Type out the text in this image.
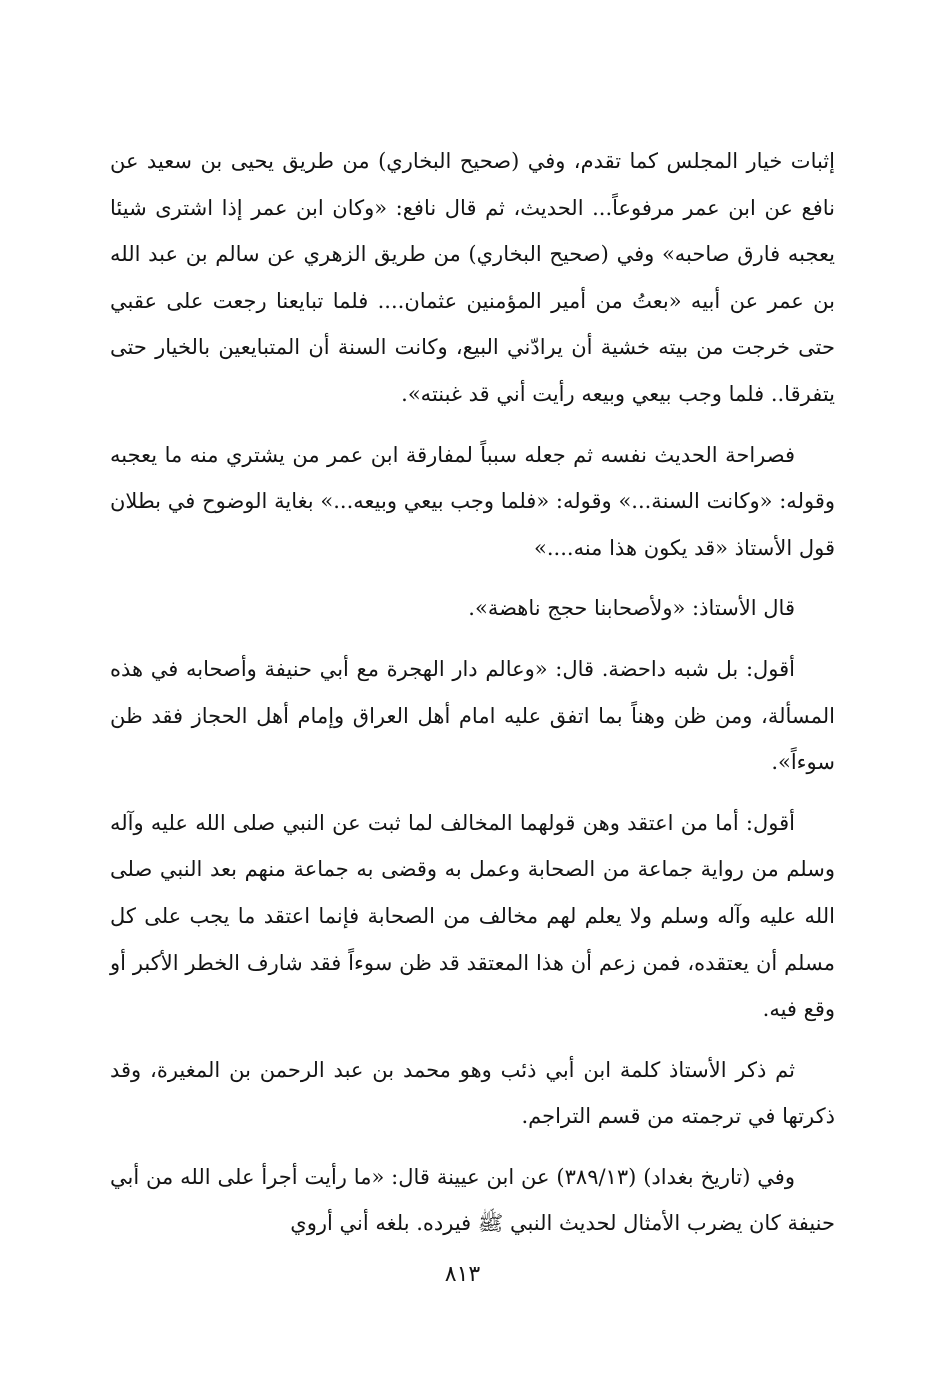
إثبات خيار المجلس كما تقدم، وفي (صحيح البخاري) من طريق يحيى بن سعيد عن نافع عن ابن عمر مرفوعاً... الحديث، ثم قال نافع: «وكان ابن عمر إذا اشترى شيئا يعجبه فارق صاحبه» وفي (صحيح البخاري) من طريق الزهري عن سالم بن عبد الله بن عمر عن أبيه «بعتُ من أمير المؤمنين عثمان.... فلما تبايعنا رجعت على عقبي حتى خرجت من بيته خشية أن يرادّني البيع، وكانت السنة أن المتبايعين بالخيار حتى يتفرقا.. فلما وجب بيعي وبيعه رأيت أني قد غبنته».

فصراحة الحديث نفسه ثم جعله سبباً لمفارقة ابن عمر من يشتري منه ما يعجبه وقوله: «وكانت السنة...» وقوله: «فلما وجب بيعي وبيعه...» بغاية الوضوح في بطلان قول الأستاذ «قد يكون هذا منه....»

قال الأستاذ: «ولأصحابنا حجج ناهضة».

أقول: بل شبه داحضة. قال: «وعالم دار الهجرة مع أبي حنيفة وأصحابه في هذه المسألة، ومن ظن وهناً بما اتفق عليه امام أهل العراق وإمام أهل الحجاز فقد ظن سوءاً».

أقول: أما من اعتقد وهن قولهما المخالف لما ثبت عن النبي صلى الله عليه وآله وسلم من رواية جماعة من الصحابة وعمل به وقضى به جماعة منهم بعد النبي صلى الله عليه وآله وسلم ولا يعلم لهم مخالف من الصحابة فإنما اعتقد ما يجب على كل مسلم أن يعتقده، فمن زعم أن هذا المعتقد قد ظن سوءاً فقد شارف الخطر الأكبر أو وقع فيه.

ثم ذكر الأستاذ كلمة ابن أبي ذئب وهو محمد بن عبد الرحمن بن المغيرة، وقد ذكرتها في ترجمته من قسم التراجم.

وفي (تاريخ بغداد) (٣٨٩/١٣) عن ابن عيينة قال: «ما رأيت أجرأ على الله من أبي حنيفة كان يضرب الأمثال لحديث النبي ﷺ فيرده. بلغه أني أروي

٨١٣
